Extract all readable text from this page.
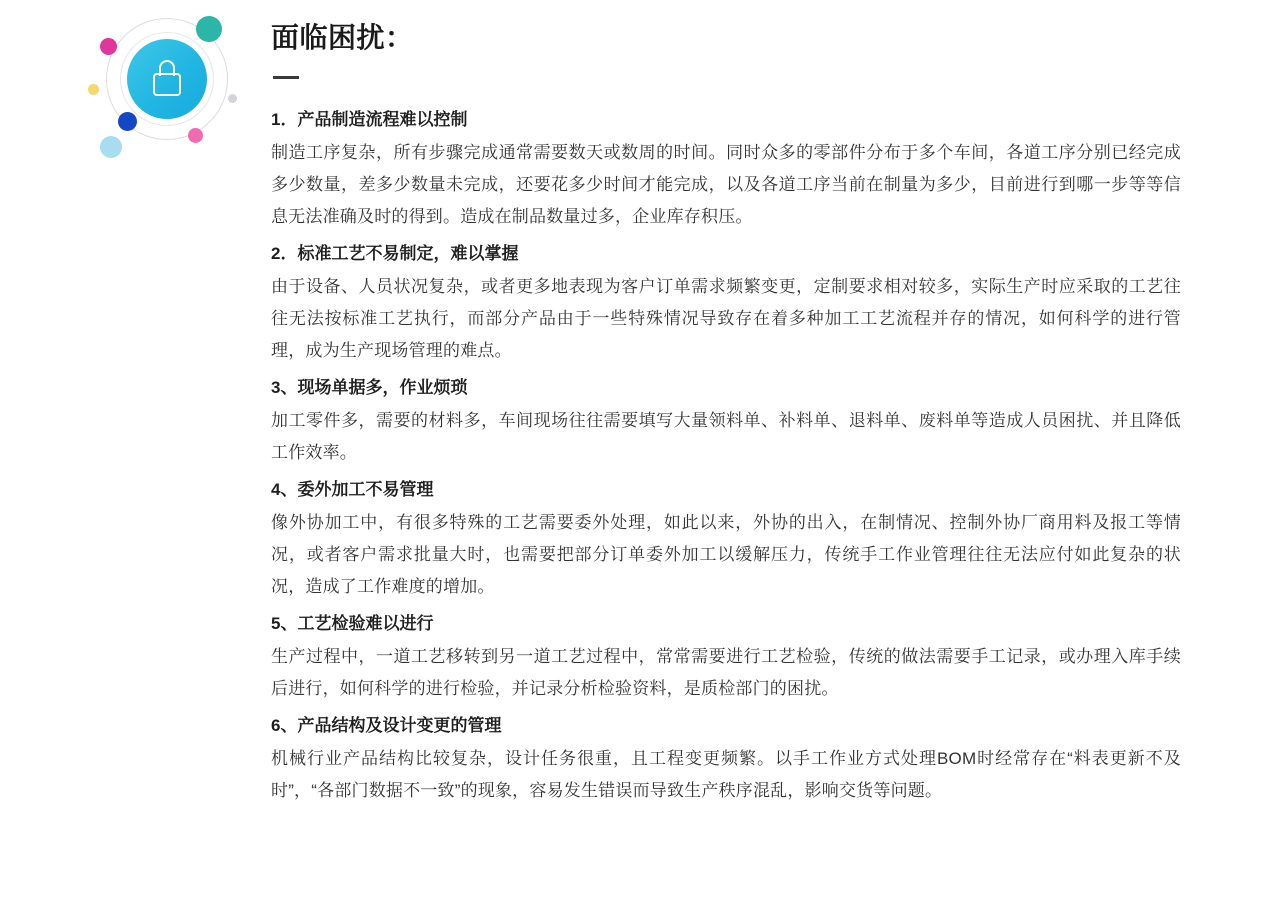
面临困扰：
1．产品制造流程难以控制

制造工序复杂，所有步骤完成通常需要数天或数周的时间。同时众多的零部件分布于多个车间，各道工序分别已经完成多少数量，差多少数量未完成，还要花多少时间才能完成，以及各道工序当前在制量为多少，目前进行到哪一步等等信息无法准确及时的得到。造成在制品数量过多，企业库存积压。

2．标准工艺不易制定，难以掌握

由于设备、人员状况复杂，或者更多地表现为客户订单需求频繁变更，定制要求相对较多，实际生产时应采取的工艺往往无法按标准工艺执行，而部分产品由于一些特殊情况导致存在着多种加工工艺流程并存的情况，如何科学的进行管理，成为生产现场管理的难点。

3、现场单据多，作业烦琐

加工零件多，需要的材料多，车间现场往往需要填写大量领料单、补料单、退料单、废料单等造成人员困扰、并且降低工作效率。

4、委外加工不易管理

像外协加工中，有很多特殊的工艺需要委外处理，如此以来，外协的出入，在制情况、控制外协厂商用料及报工等情况，或者客户需求批量大时，也需要把部分订单委外加工以缓解压力，传统手工作业管理往往无法应付如此复杂的状况，造成了工作难度的增加。

5、工艺检验难以进行

生产过程中，一道工艺移转到另一道工艺过程中，常常需要进行工艺检验，传统的做法需要手工记录，或办理入库手续后进行，如何科学的进行检验，并记录分析检验资料，是质检部门的困扰。

6、产品结构及设计变更的管理

机械行业产品结构比较复杂，设计任务很重，且工程变更频繁。以手工作业方式处理BOM时经常存在“料表更新不及时”，“各部门数据不一致”的现象，容易发生错误而导致生产秩序混乱，影响交货等问题。
